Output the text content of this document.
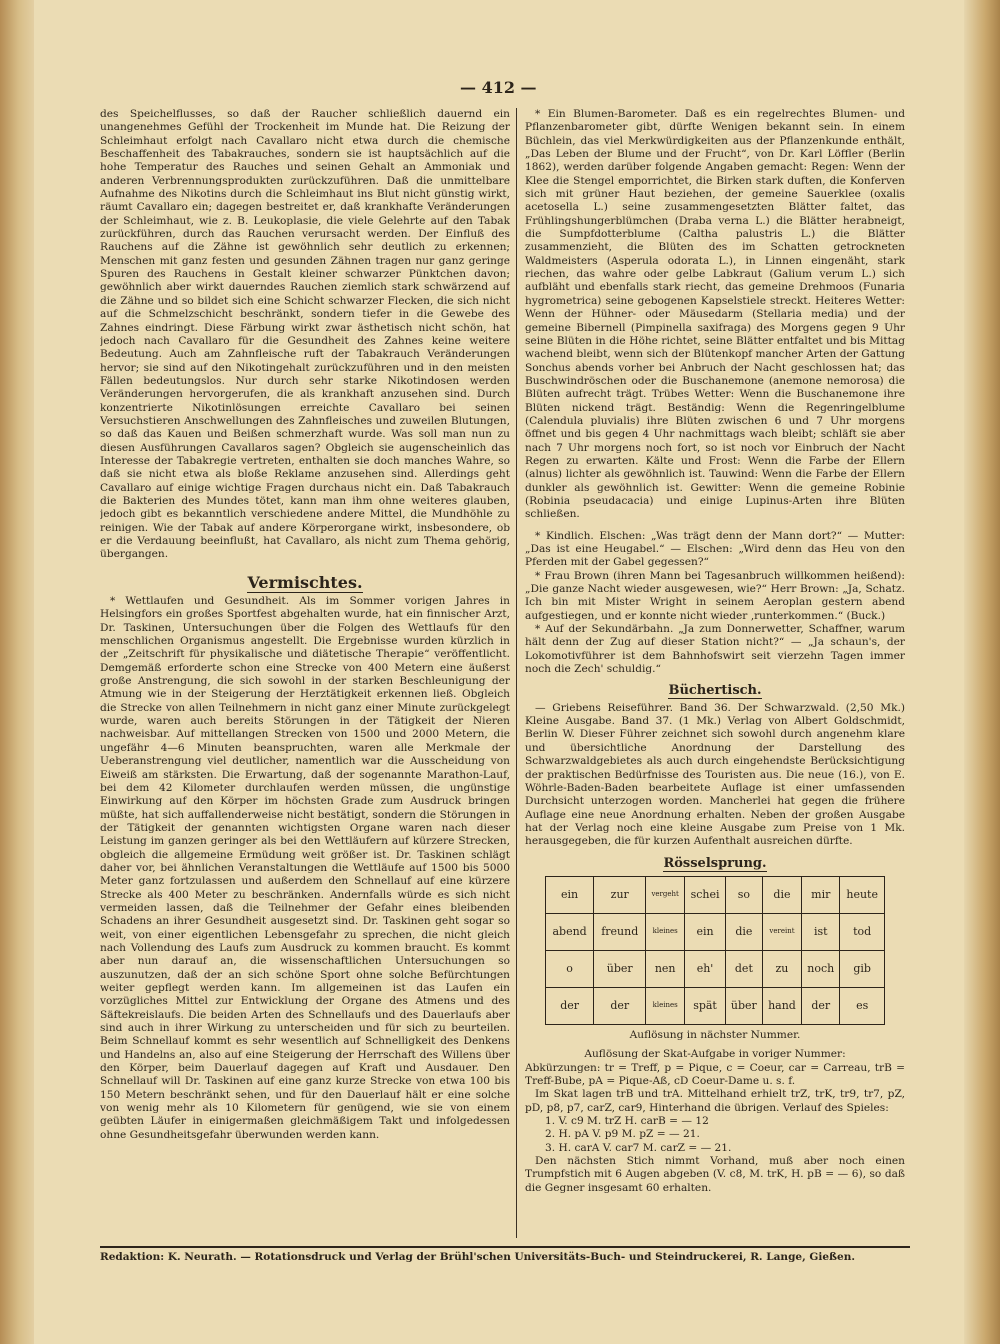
— 412 —

des Speichelflusses, so daß der Raucher schließlich dauernd ein unangenehmes Gefühl der Trockenheit im Munde hat. Die Reizung der Schleimhaut erfolgt nach Cavallaro nicht etwa durch die chemische Beschaffenheit des Tabakrauches, sondern sie ist hauptsächlich auf die hohe Temperatur des Rauches und seinen Gehalt an Ammoniak und anderen Verbrennungsprodukten zurückzuführen. Daß die unmittelbare Aufnahme des Nikotins durch die Schleimhaut ins Blut nicht günstig wirkt, räumt Cavallaro ein; dagegen bestreitet er, daß krankhafte Veränderungen der Schleimhaut, wie z. B. Leukoplasie, die viele Gelehrte auf den Tabak zurückführen, durch das Rauchen verursacht werden. Der Einfluß des Rauchens auf die Zähne ist gewöhnlich sehr deutlich zu erkennen; Menschen mit ganz festen und gesunden Zähnen tragen nur ganz geringe Spuren des Rauchens in Gestalt kleiner schwarzer Pünktchen davon; gewöhnlich aber wirkt dauerndes Rauchen ziemlich stark schwärzend auf die Zähne und so bildet sich eine Schicht schwarzer Flecken, die sich nicht auf die Schmelzschicht beschränkt, sondern tiefer in die Gewebe des Zahnes eindringt. Diese Färbung wirkt zwar ästhetisch nicht schön, hat jedoch nach Cavallaro für die Gesundheit des Zahnes keine weitere Bedeutung. Auch am Zahnfleische ruft der Tabakrauch Veränderungen hervor; sie sind auf den Nikotingehalt zurückzuführen und in den meisten Fällen bedeutungslos. Nur durch sehr starke Nikotindosen werden Veränderungen hervorgerufen, die als krankhaft anzusehen sind. Durch konzentrierte Nikotinlösungen erreichte Cavallaro bei seinen Versuchstieren Anschwellungen des Zahnfleisches und zuweilen Blutungen, so daß das Kauen und Beißen schmerzhaft wurde. Was soll man nun zu diesen Ausführungen Cavallaros sagen? Obgleich sie augenscheinlich das Interesse der Tabakregie vertreten, enthalten sie doch manches Wahre, so daß sie nicht etwa als bloße Reklame anzusehen sind. Allerdings geht Cavallaro auf einige wichtige Fragen durchaus nicht ein. Daß Tabakrauch die Bakterien des Mundes tötet, kann man ihm ohne weiteres glauben, jedoch gibt es bekanntlich verschiedene andere Mittel, die Mundhöhle zu reinigen. Wie der Tabak auf andere Körperorgane wirkt, insbesondere, ob er die Verdauung beeinflußt, hat Cavallaro, als nicht zum Thema gehörig, übergangen.

Vermischtes.

* Wettlaufen und Gesundheit. Als im Sommer vorigen Jahres in Helsingfors ein großes Sportfest abgehalten wurde, hat ein finnischer Arzt, Dr. Taskinen, Untersuchungen über die Folgen des Wettlaufs für den menschlichen Organismus angestellt. Die Ergebnisse wurden kürzlich in der „Zeitschrift für physikalische und diätetische Therapie“ veröffentlicht. Demgemäß erforderte schon eine Strecke von 400 Metern eine äußerst große Anstrengung, die sich sowohl in der starken Beschleunigung der Atmung wie in der Steigerung der Herztätigkeit erkennen ließ. Obgleich die Strecke von allen Teilnehmern in nicht ganz einer Minute zurückgelegt wurde, waren auch bereits Störungen in der Tätigkeit der Nieren nachweisbar. Auf mittellangen Strecken von 1500 und 2000 Metern, die ungefähr 4—6 Minuten beanspruchten, waren alle Merkmale der Ueberanstrengung viel deutlicher, namentlich war die Ausscheidung von Eiweiß am stärksten. Die Erwartung, daß der sogenannte Marathon-Lauf, bei dem 42 Kilometer durchlaufen werden müssen, die ungünstige Einwirkung auf den Körper im höchsten Grade zum Ausdruck bringen müßte, hat sich auffallenderweise nicht bestätigt, sondern die Störungen in der Tätigkeit der genannten wichtigsten Organe waren nach dieser Leistung im ganzen geringer als bei den Wettläufern auf kürzere Strecken, obgleich die allgemeine Ermüdung weit größer ist. Dr. Taskinen schlägt daher vor, bei ähnlichen Veranstaltungen die Wettläufe auf 1500 bis 5000 Meter ganz fortzulassen und außerdem den Schnellauf auf eine kürzere Strecke als 400 Meter zu beschränken. Andernfalls würde es sich nicht vermeiden lassen, daß die Teilnehmer der Gefahr eines bleibenden Schadens an ihrer Gesundheit ausgesetzt sind. Dr. Taskinen geht sogar so weit, von einer eigentlichen Lebensgefahr zu sprechen, die nicht gleich nach Vollendung des Laufs zum Ausdruck zu kommen braucht. Es kommt aber nun darauf an, die wissenschaftlichen Untersuchungen so auszunutzen, daß der an sich schöne Sport ohne solche Befürchtungen weiter gepflegt werden kann. Im allgemeinen ist das Laufen ein vorzügliches Mittel zur Entwicklung der Organe des Atmens und des Säftekreislaufs. Die beiden Arten des Schnellaufs und des Dauerlaufs aber sind auch in ihrer Wirkung zu unterscheiden und für sich zu beurteilen. Beim Schnellauf kommt es sehr wesentlich auf Schnelligkeit des Denkens und Handelns an, also auf eine Steigerung der Herrschaft des Willens über den Körper, beim Dauerlauf dagegen auf Kraft und Ausdauer. Den Schnellauf will Dr. Taskinen auf eine ganz kurze Strecke von etwa 100 bis 150 Metern beschränkt sehen, und für den Dauerlauf hält er eine solche von wenig mehr als 10 Kilometern für genügend, wie sie von einem geübten Läufer in einigermaßen gleichmäßigem Takt und infolgedessen ohne Gesundheitsgefahr überwunden werden kann.

* Ein Blumen-Barometer. Daß es ein regelrechtes Blumen- und Pflanzenbarometer gibt, dürfte Wenigen bekannt sein. In einem Büchlein, das viel Merkwürdigkeiten aus der Pflanzenkunde enthält, „Das Leben der Blume und der Frucht“, von Dr. Karl Löffler (Berlin 1862), werden darüber folgende Angaben gemacht: Regen: Wenn der Klee die Stengel emporrichtet, die Birken stark duften, die Konferven sich mit grüner Haut beziehen, der gemeine Sauerklee (oxalis acetosella L.) seine zusammengesetzten Blätter faltet, das Frühlingshungerblümchen (Draba verna L.) die Blätter herabneigt, die Sumpfdotterblume (Caltha palustris L.) die Blätter zusammenzieht, die Blüten des im Schatten getrockneten Waldmeisters (Asperula odorata L.), in Linnen eingenäht, stark riechen, das wahre oder gelbe Labkraut (Galium verum L.) sich aufbläht und ebenfalls stark riecht, das gemeine Drehmoos (Funaria hygrometrica) seine gebogenen Kapselstiele streckt. Heiteres Wetter: Wenn der Hühner- oder Mäusedarm (Stellaria media) und der gemeine Bibernell (Pimpinella saxifraga) des Morgens gegen 9 Uhr seine Blüten in die Höhe richtet, seine Blätter entfaltet und bis Mittag wachend bleibt, wenn sich der Blütenkopf mancher Arten der Gattung Sonchus abends vorher bei Anbruch der Nacht geschlossen hat; das Buschwindröschen oder die Buschanemone (anemone nemorosa) die Blüten aufrecht trägt. Trübes Wetter: Wenn die Buschanemone ihre Blüten nickend trägt. Beständig: Wenn die Regenringelblume (Calendula pluvialis) ihre Blüten zwischen 6 und 7 Uhr morgens öffnet und bis gegen 4 Uhr nachmittags wach bleibt; schläft sie aber nach 7 Uhr morgens noch fort, so ist noch vor Einbruch der Nacht Regen zu erwarten. Kälte und Frost: Wenn die Farbe der Ellern (alnus) lichter als gewöhnlich ist. Tauwind: Wenn die Farbe der Ellern dunkler als gewöhnlich ist. Gewitter: Wenn die gemeine Robinie (Robinia pseudacacia) und einige Lupinus-Arten ihre Blüten schließen.

* Kindlich. Elschen: „Was trägt denn der Mann dort?“ — Mutter: „Das ist eine Heugabel.“ — Elschen: „Wird denn das Heu von den Pferden mit der Gabel gegessen?“

* Frau Brown (ihren Mann bei Tagesanbruch willkommen heißend): „Die ganze Nacht wieder ausgewesen, wie?“ Herr Brown: „Ja, Schatz. Ich bin mit Mister Wright in seinem Aeroplan gestern abend aufgestiegen, und er konnte nicht wieder ‚runterkommen.“ (Buck.)

* Auf der Sekundärbahn. „Ja zum Donnerwetter, Schaffner, warum hält denn der Zug auf dieser Station nicht?“ — „Ja schaun's, der Lokomotivführer ist dem Bahnhofswirt seit vierzehn Tagen immer noch die Zech' schuldig.“

Büchertisch.

— Griebens Reiseführer. Band 36. Der Schwarzwald. (2,50 Mk.) Kleine Ausgabe. Band 37. (1 Mk.) Verlag von Albert Goldschmidt, Berlin W. Dieser Führer zeichnet sich sowohl durch angenehm klare und übersichtliche Anordnung der Darstellung des Schwarzwaldgebietes als auch durch eingehendste Berücksichtigung der praktischen Bedürfnisse des Touristen aus. Die neue (16.), von E. Wöhrle-Baden-Baden bearbeitete Auflage ist einer umfassenden Durchsicht unterzogen worden. Mancherlei hat gegen die frühere Auflage eine neue Anordnung erhalten. Neben der großen Ausgabe hat der Verlag noch eine kleine Ausgabe zum Preise von 1 Mk. herausgegeben, die für kurzen Aufenthalt ausreichen dürfte.

Rösselsprung.
ein	zur	vergeht	schei	so	die	mir	heute
abend	freund	kleines	ein	die	vereint	ist	tod
o	über	nen	eh'	det	zu	noch	gib
der	der	kleines	spät	über	hand	der	es
Auflösung in nächster Nummer.

Auflösung der Skat-Aufgabe in voriger Nummer:

Abkürzungen: tr = Treff, p = Pique, c = Coeur, car = Carreau, trB = Treff-Bube, pA = Pique-Aß, cD Coeur-Dame u. s. f.

Im Skat lagen trB und trA. Mittelhand erhielt trZ, trK, tr9, tr7, pZ, pD, p8, p7, carZ, car9, Hinterhand die übrigen. Verlauf des Spieles:

1. V. c9 M. trZ H. carB = — 12

2. H. pA V. p9 M. pZ = — 21.

3. H. carA V. car7 M. carZ = — 21.

Den nächsten Stich nimmt Vorhand, muß aber noch einen Trumpfstich mit 6 Augen abgeben (V. c8, M. trK, H. pB = — 6), so daß die Gegner insgesamt 60 erhalten.

Redaktion: K. Neurath. — Rotationsdruck und Verlag der Brühl'schen Universitäts-Buch- und Steindruckerei, R. Lange, Gießen.
